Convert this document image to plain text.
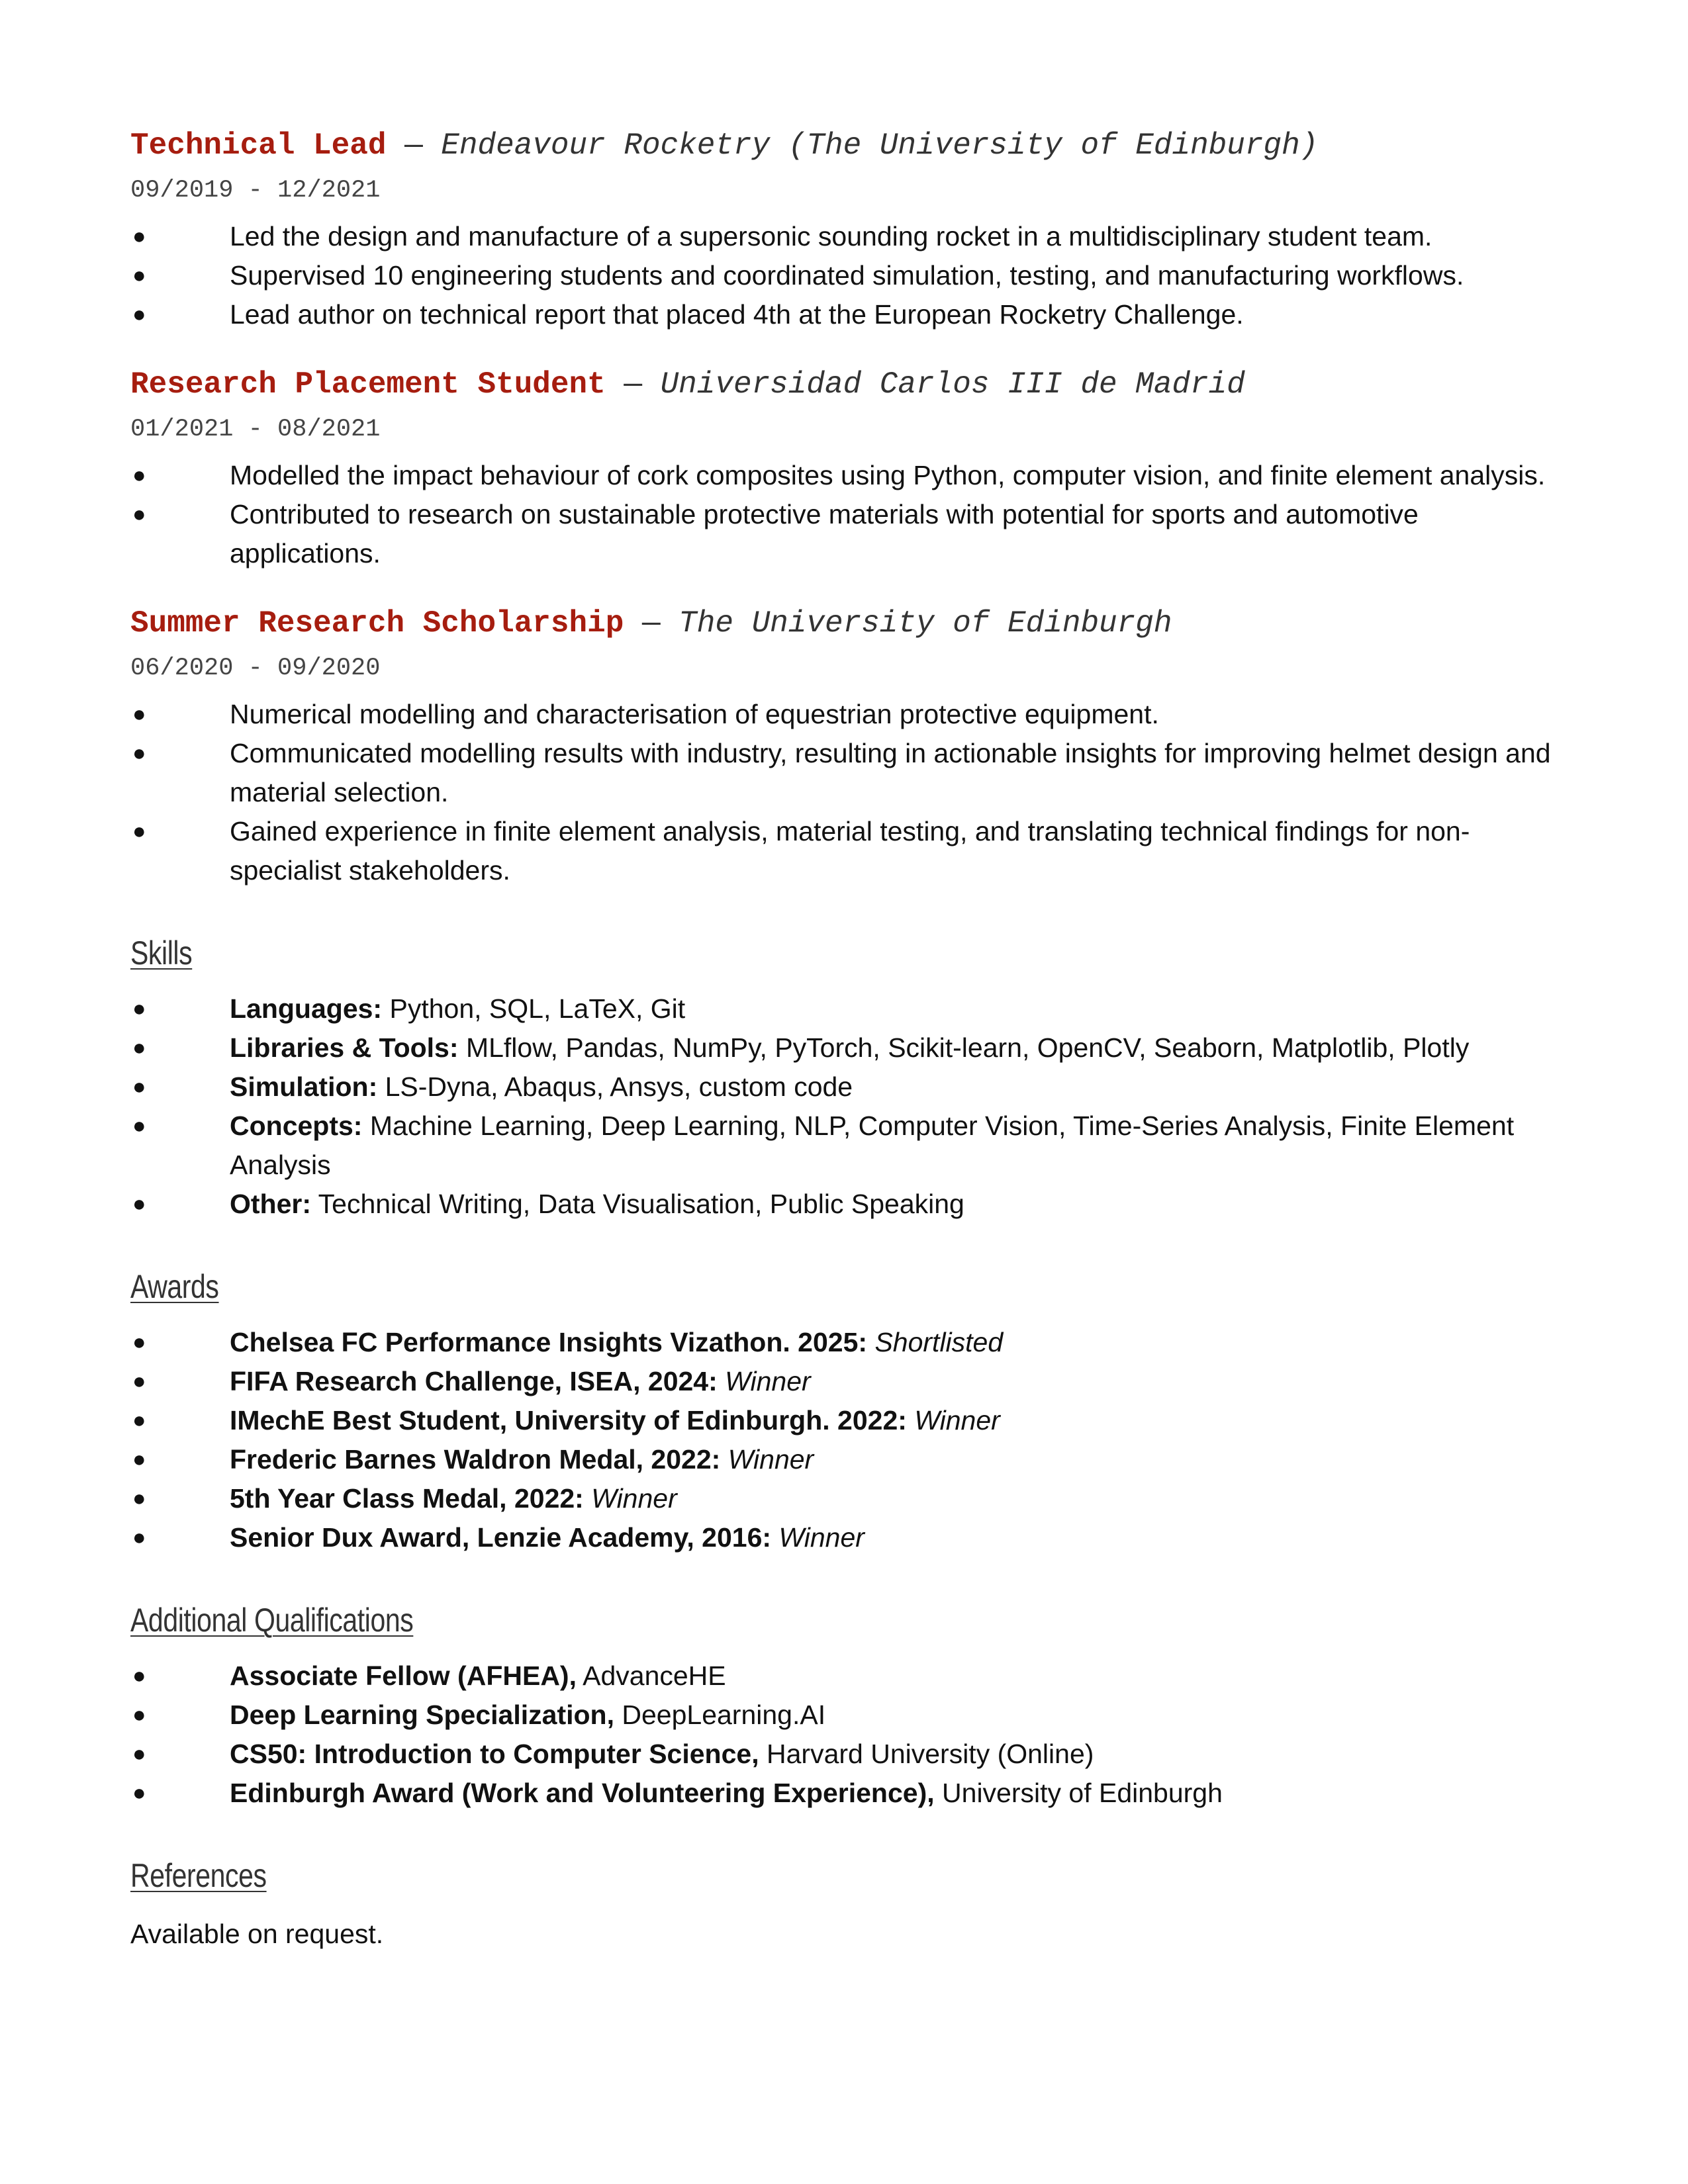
Technical Lead — Endeavour Rocketry (The University of Edinburgh)
09/2019 - 12/2021
●	Led the design and manufacture of a supersonic sounding rocket in a multidisciplinary student team.
●	Supervised 10 engineering students and coordinated simulation, testing, and manufacturing workflows.
●	Lead author on technical report that placed 4th at the European Rocketry Challenge.
Research Placement Student — Universidad Carlos III de Madrid
01/2021 - 08/2021
●	Modelled the impact behaviour of cork composites using Python, computer vision, and finite element analysis.
●	Contributed to research on sustainable protective materials with potential for sports and automotive applications.
Summer Research Scholarship — The University of Edinburgh
06/2020 - 09/2020
●	Numerical modelling and characterisation of equestrian protective equipment.
●	Communicated modelling results with industry, resulting in actionable insights for improving helmet design and material selection.
●	Gained experience in finite element analysis, material testing, and translating technical findings for non-specialist stakeholders.
Skills
●	Languages: Python, SQL, LaTeX, Git
●	Libraries & Tools: MLflow, Pandas, NumPy, PyTorch, Scikit-learn, OpenCV, Seaborn, Matplotlib, Plotly
●	Simulation: LS-Dyna, Abaqus, Ansys, custom code
●	Concepts: Machine Learning, Deep Learning, NLP, Computer Vision, Time-Series Analysis, Finite Element Analysis
●	Other: Technical Writing, Data Visualisation, Public Speaking
Awards
●	Chelsea FC Performance Insights Vizathon. 2025: Shortlisted
●	FIFA Research Challenge, ISEA, 2024: Winner
●	IMechE Best Student, University of Edinburgh. 2022: Winner
●	Frederic Barnes Waldron Medal, 2022: Winner
●	5th Year Class Medal, 2022: Winner
●	Senior Dux Award, Lenzie Academy, 2016: Winner
Additional Qualifications
●	Associate Fellow (AFHEA), AdvanceHE
●	Deep Learning Specialization, DeepLearning.AI
●	CS50: Introduction to Computer Science, Harvard University (Online)
●	Edinburgh Award (Work and Volunteering Experience), University of Edinburgh
References
Available on request.
